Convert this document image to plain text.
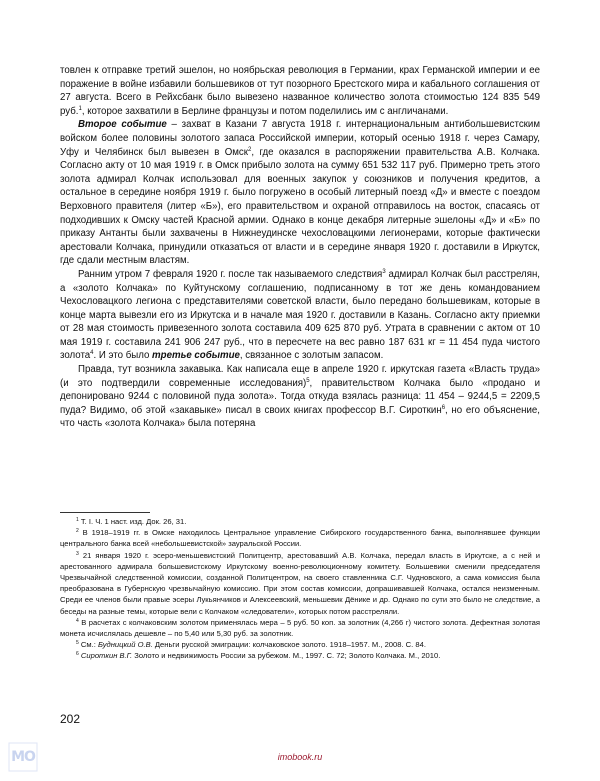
товлен к отправке третий эшелон, но ноябрьская революция в Германии, крах Германской империи и ее поражение в войне избавили большевиков от тут позорного Брестского мира и кабального соглашения от 27 августа. Всего в Рейхсбанк было вывезено названное количество золота стоимостью 124 835 549 руб.$^1$, которое захватили в Берлине французы и потом поделились им с англичанами.

Второе событие – захват в Казани 7 августа 1918 г. интернациональным антибольшевистским войском более половины золотого запаса Российской империи, который осенью 1918 г. через Самару, Уфу и Челябинск был вывезен в Омск$^2$, где оказался в распоряжении правительства А.В. Колчака. Согласно акту от 10 мая 1919 г. в Омск прибыло золота на сумму 651 532 117 руб. Примерно треть этого золота адмирал Колчак использовал для военных закупок у союзников и получения кредитов, а остальное в середине ноября 1919 г. было погружено в особый литерный поезд «Д» и вместе с поездом Верховного правителя (литер «Б»), его правительством и охраной отправилось на восток, спасаясь от подходивших к Омску частей Красной армии. Однако в конце декабря литерные эшелоны «Д» и «Б» по приказу Антанты были захвачены в Нижнеудинске чехословацкими легионерами, которые фактически арестовали Колчака, принудили отказаться от власти и в середине января 1920 г. доставили в Иркутск, где сдали местным властям.

Ранним утром 7 февраля 1920 г. после так называемого следствия$^3$ адмирал Колчак был расстрелян, а «золото Колчака» по Куйтунскому соглашению, подписанному в тот же день командованием Чехословацкого легиона с представителями советской власти, было передано большевикам, которые в конце марта вывезли его из Иркутска и в начале мая 1920 г. доставили в Казань. Согласно акту приемки от 28 мая стоимость привезенного золота составила 409 625 870 руб. Утрата в сравнении с актом от 10 мая 1919 г. составила 241 906 247 руб., что в пересчете на вес равно 187 631 кг = 11 454 пуда чистого золота$^4$. И это было третье событие, связанное с золотым запасом.

Правда, тут возникла закавыка. Как написала еще в апреле 1920 г. иркутская газета «Власть труда» (и это подтвердили современные исследования)$^5$, правительством Колчака было «продано и депонировано 9244 с половиной пуда золота». Тогда откуда взялась разница: 11 454 – 9244,5 = 2209,5 пуда? Видимо, об этой «закавыке» писал в своих книгах профессор В.Г. Сироткин$^6$, но его объяснение, что часть «золота Колчака» была потеряна

$^1$ Т. I. Ч. 1 наст. изд. Док. 26, 31.

$^2$ В 1918–1919 гг. в Омске находилось Центральное управление Сибирского государственного банка, выполнявшее функции центрального банка всей «небольшевистской» зауральской России.

$^3$ 21 января 1920 г. эсеро-меньшевистский Политцентр, арестовавший А.В. Колчака, передал власть в Иркутске, а с ней и арестованного адмирала большевистскому Иркутскому военно-революционному комитету. Большевики сменили председателя Чрезвычайной следственной комиссии, созданной Политцентром, на своего ставленника С.Г. Чудновского, а сама комиссия была преобразована в Губернскую чрезвычайную комиссию. При этом состав комиссии, допрашивавшей Колчака, остался неизменным. Среди ее членов были правые эсеры Лукьянчиков и Алексеевский, меньшевик Дёнике и др. Однако по сути это было не следствие, а беседы на разные темы, которые вели с Колчаком «следователи», которых потом расстреляли.

$^4$ В расчетах с колчаковским золотом применялась мера – 5 руб. 50 коп. за золотник (4,266 г) чистого золота. Дефектная золотая монета исчислялась дешевле – по 5,40 или 5,30 руб. за золотник.

$^5$ См.: Будницкий О.В. Деньги русской эмиграции: колчаковское золото. 1918–1957. М., 2008. С. 84.

$^6$ Сироткин В.Г. Золото и недвижимость России за рубежом. М., 1997. С. 72; Золото Колчака. М., 2010.

202
МО	imobook.ru
